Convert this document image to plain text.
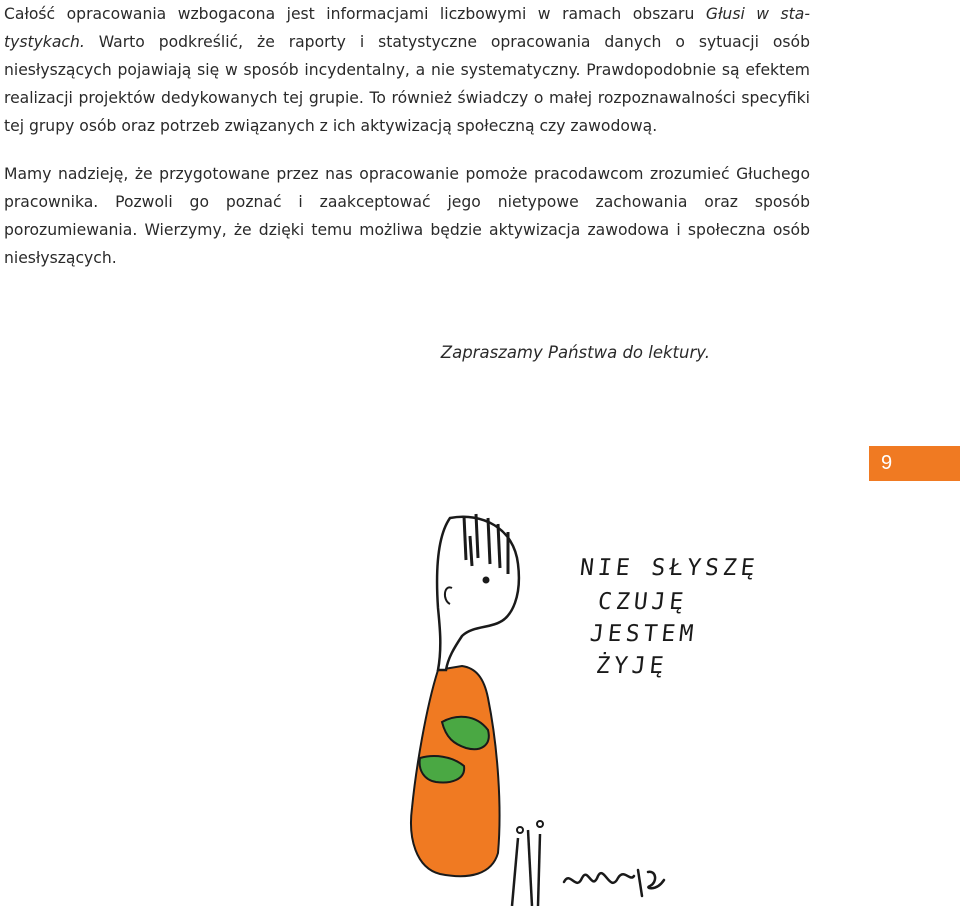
Całość opracowania wzbogacona jest informacjami liczbowymi w ramach obszaru Głusi w statystykach. Warto podkreślić, że raporty i statystyczne opracowania danych o sytuacji osób niesłyszących pojawiają się w sposób incydentalny, a nie systematyczny. Prawdopodobnie są efektem realizacji projektów dedykowanych tej grupie. To również świadczy o małej rozpoznawalności specyfiki tej grupy osób oraz potrzeb związanych z ich aktywizacją społeczną czy zawodową.

Mamy nadzieję, że przygotowane przez nas opracowanie pomoże pracodawcom zrozumieć Głuchego pracownika. Pozwoli go poznać i zaakceptować jego nietypowe zachowania oraz sposób porozumiewania. Wierzymy, że dzięki temu możliwa będzie aktywizacja zawodowa i społeczna osób niesłyszących.

Zapraszamy Państwa do lektury.
9
NIE SŁYSZĘ
CZUJĘ
JESTEM
ŻYJĘ
